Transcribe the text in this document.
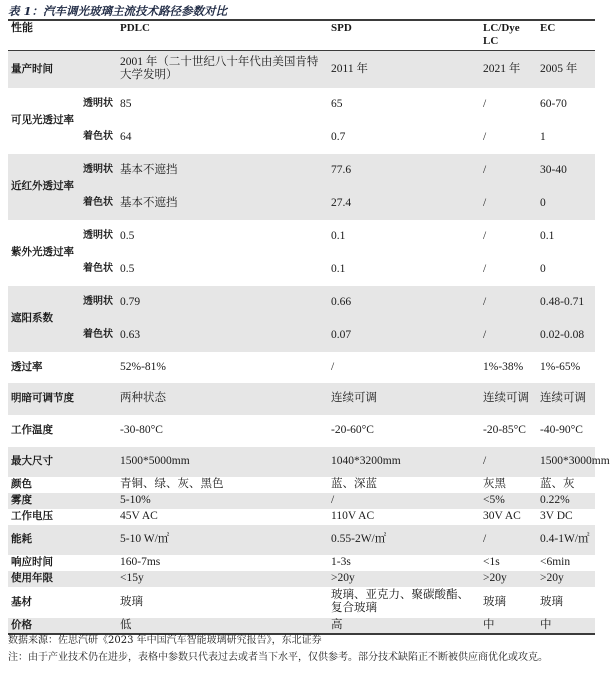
表 1：汽车调光玻璃主流技术路径参数对比
性能		PDLC	SPD	LC/Dye LC	EC
量产时间		2001 年（二十世纪八十年代由美国肯特大学发明）	2011 年	2021 年	2005 年
可见光透过率	透明状	85	65	/	60-70
	着色状	64	0.7	/	1
近红外透过率	透明状	基本不遮挡	77.6	/	30-40
	着色状	基本不遮挡	27.4	/	0
紫外光透过率	透明状	0.5	0.1	/	0.1
	着色状	0.5	0.1	/	0
遮阳系数	透明状	0.79	0.66	/	0.48-0.71
	着色状	0.63	0.07	/	0.02-0.08
透过率		52%-81%	/	1%-38%	1%-65%
明暗可调节度		两种状态	连续可调	连续可调	连续可调
工作温度		-30-80°C	-20-60°C	-20-85°C	-40-90°C
最大尺寸		1500*5000mm	1040*3200mm	/	1500*3000mm
颜色		青铜、绿、灰、黑色	蓝、深蓝	灰黑	蓝、灰
雾度		5-10%	/	<5%	0.22%
工作电压		45V AC	110V AC	30V AC	3V DC
能耗		5-10 W/㎡	0.55-2W/㎡	/	0.4-1W/㎡
响应时间		160-7ms	1-3s	<1s	<6min
使用年限		<15y	>20y	>20y	>20y
基材		玻璃	玻璃、亚克力、聚碳酸酯、复合玻璃	玻璃	玻璃
价格		低	高	中	中
数据来源：佐思汽研《2023 年中国汽车智能玻璃研究报告》，东北证券
注：由于产业技术仍在进步，表格中参数只代表过去或者当下水平，仅供参考。部分技术缺陷正不断被供应商优化或攻克。
